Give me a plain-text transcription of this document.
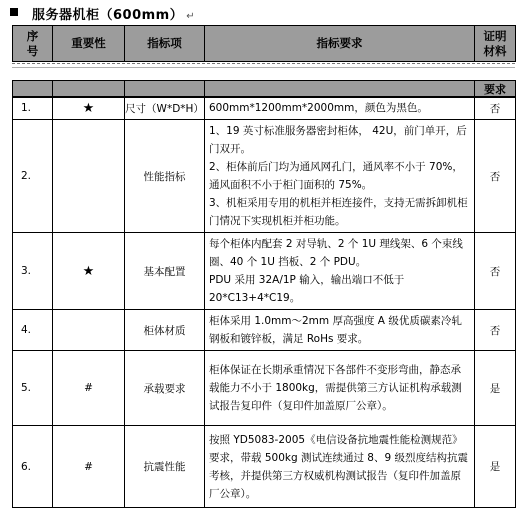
服务器机柜（600mm） ↵
序号	重要性	指标项	指标要求	证明材料
				要求
1.	★	尺寸（W*D*H）	600mm*1200mm*2000mm，颜色为黑色。	否
2.		性能指标	1、19 英寸标准服务器密封柜体， 42U，前门单开，后门双开。
2、柜体前后门均为通风网孔门，通风率不小于 70%，通风面积不小于柜门面积的 75%。
3、机柜采用专用的机柜并柜连接件，支持无需拆卸机柜门情况下实现机柜并柜功能。	否
3.	★	基本配置	每个柜体内配套 2 对导轨、2 个 1U 理线架、6 个束线圈、40 个 1U 挡板、2 个 PDU。
PDU 采用 32A/1P 输入，输出端口不低于 20*C13+4*C19。	否
4.		柜体材质	柜体采用 1.0mm～2mm 厚高强度 A 级优质碳素冷轧钢板和镀锌板，满足 RoHs 要求。	否
5.	#	承载要求	柜体保证在长期承重情况下各部件不变形弯曲，静态承载能力不小于 1800kg，需提供第三方认证机构承载测试报告复印件（复印件加盖原厂公章）。	是
6.	#	抗震性能	按照 YD5083-2005《电信设备抗地震性能检测规范》要求，带载 500kg 测试连续通过 8、9 级烈度结构抗震考核，并提供第三方权威机构测试报告（复印件加盖原厂公章）。	是
